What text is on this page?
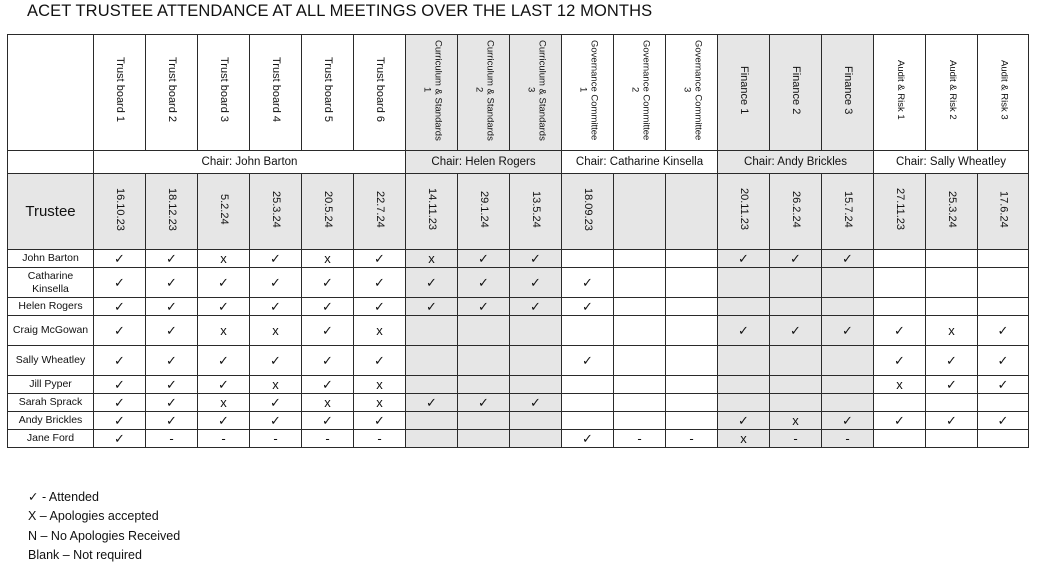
ACET TRUSTEE ATTENDANCE AT ALL MEETINGS OVER THE LAST 12 MONTHS
	Trust board 1	Trust board 2	Trust board 3	Trust board 4	Trust board 5	Trust board 6	Curriculum & Standards 1	Curriculum & Standards 2	Curriculum & Standards 3	Governance Committee 1	Governance Committee 2	Governance Committee 3	Finance 1	Finance 2	Finance 3	Audit & Risk 1	Audit & Risk 2	Audit & Risk 3
	Chair: John Barton						Chair: Helen Rogers			Chair: Catharine Kinsella			Chair: Andy Brickles			Chair: Sally Wheatley		
Trustee	16.10.23	18.12.23	5.2.24	25.3.24	20.5.24	22.7.24	14.11.23	29.1.24	13.5.24	18.09.23			20.11.23	26.2.24	15.7.24	27.11.23	25.3.24	17.6.24
John Barton	✓	✓	x	✓	x	✓	x	✓	✓				✓	✓	✓			
Catharine Kinsella	✓	✓	✓	✓	✓	✓	✓	✓	✓	✓								
Helen Rogers	✓	✓	✓	✓	✓	✓	✓	✓	✓	✓								
Craig McGowan	✓	✓	x	x	✓	x							✓	✓	✓	✓	x	✓
Sally Wheatley	✓	✓	✓	✓	✓	✓				✓						✓	✓	✓
Jill Pyper	✓	✓	✓	x	✓	x										x	✓	✓
Sarah Sprack	✓	✓	x	✓	x	x	✓	✓	✓									
Andy Brickles	✓	✓	✓	✓	✓	✓							✓	x	✓	✓	✓	✓
Jane Ford	✓	-	-	-	-	-				✓	-	-	x	-	-			
✓ - Attended
X – Apologies accepted
N – No Apologies Received
Blank – Not required
